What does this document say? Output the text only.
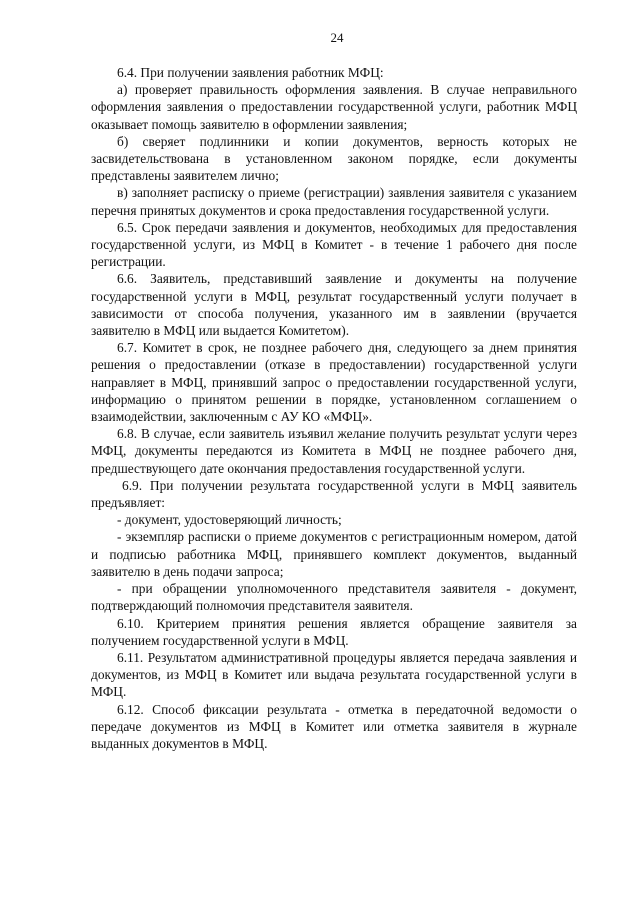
24

6.4. При получении заявления работник МФЦ:

а) проверяет правильность оформления заявления. В случае неправильного оформления заявления о предоставлении государственной услуги, работник МФЦ оказывает помощь заявителю в оформлении заявления;

б) сверяет подлинники и копии документов, верность которых не засвидетельствована в установленном законом порядке, если документы представлены заявителем лично;

в) заполняет расписку о приеме (регистрации) заявления заявителя с указанием перечня принятых документов и срока предоставления государственной услуги.

6.5. Срок передачи заявления и документов, необходимых для предоставления государственной услуги, из МФЦ в Комитет - в течение 1 рабочего дня после регистрации.

6.6. Заявитель, представивший заявление и документы на получение государственной услуги в МФЦ, результат государственный услуги получает в зависимости от способа получения, указанного им в заявлении (вручается заявителю в МФЦ или выдается Комитетом).

6.7. Комитет в срок, не позднее рабочего дня, следующего за днем принятия решения о предоставлении (отказе в предоставлении) государственной услуги направляет в МФЦ, принявший запрос о предоставлении государственной услуги, информацию о принятом решении в порядке, установленном соглашением о взаимодействии, заключенным с АУ КО «МФЦ».

6.8. В случае, если заявитель изъявил желание получить результат услуги через МФЦ, документы передаются из Комитета в МФЦ не позднее рабочего дня, предшествующего дате окончания предоставления государственной услуги.

6.9. При получении результата государственной услуги в МФЦ заявитель предъявляет:

- документ, удостоверяющий личность;

- экземпляр расписки о приеме документов с регистрационным номером, датой и подписью работника МФЦ, принявшего комплект документов, выданный заявителю в день подачи запроса;

- при обращении уполномоченного представителя заявителя - документ, подтверждающий полномочия представителя заявителя.

6.10. Критерием принятия решения является обращение заявителя за получением государственной услуги в МФЦ.

6.11. Результатом административной процедуры является передача заявления и документов, из МФЦ в Комитет или выдача результата государственной услуги в МФЦ.

6.12. Способ фиксации результата - отметка в передаточной ведомости о передаче документов из МФЦ в Комитет или отметка заявителя в журнале выданных документов в МФЦ.
